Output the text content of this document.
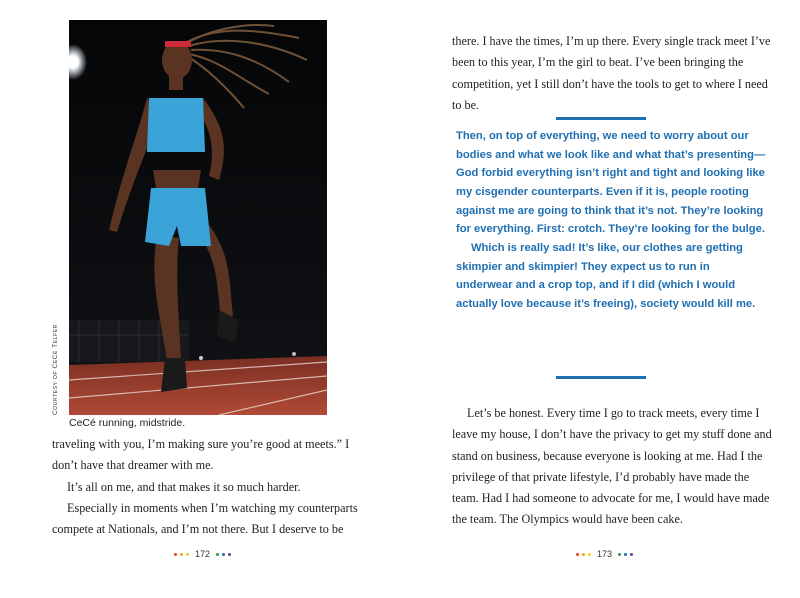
Courtesy of CeCé Telfer
CeCé running, midstride.

traveling with you, I’m making sure you’re good at meets.” I don’t have that dreamer with me.

It’s all on me, and that makes it so much harder.

Especially in moments when I’m watching my counterparts compete at Nationals, and I’m not there. But I deserve to be

172

there. I have the times, I’m up there. Every single track meet I’ve been to this year, I’m the girl to beat. I’ve been bringing the competition, yet I still don’t have the tools to get to where I need to be.

Then, on top of everything, we need to worry about our bodies and what we look like and what that’s presenting—God forbid everything isn’t right and tight and looking like my cisgender counterparts. Even if it is, people rooting against me are going to think that it’s not. They’re looking for everything. First: crotch. They’re looking for the bulge.

Which is really sad! It’s like, our clothes are getting skimpier and skimpier! They expect us to run in underwear and a crop top, and if I did (which I would actually love because it’s freeing), society would kill me.

Let’s be honest. Every time I go to track meets, every time I leave my house, I don’t have the privacy to get my stuff done and stand on business, because everyone is looking at me. Had I the privilege of that private lifestyle, I’d probably have made the team. Had I had someone to advocate for me, I would have made the team. The Olympics would have been cake.

173
